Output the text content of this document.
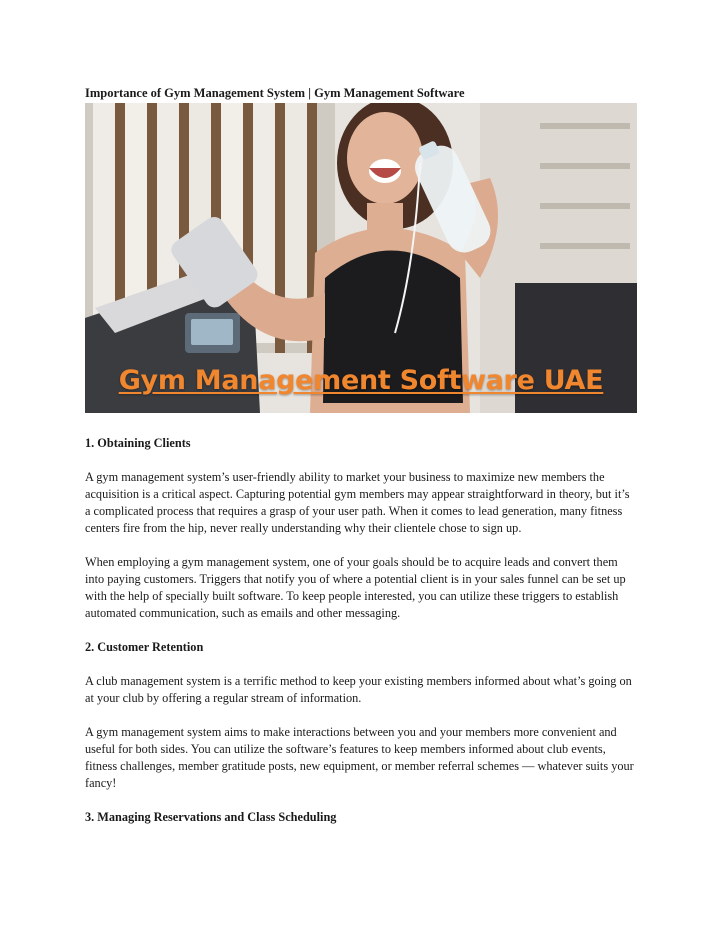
Importance of Gym Management System | Gym Management Software
Gym Management Software UAE
1. Obtaining Clients

A gym management system’s user-friendly ability to market your business to maximize new members the acquisition is a critical aspect. Capturing potential gym members may appear straightforward in theory, but it’s a complicated process that requires a grasp of your user path. When it comes to lead generation, many fitness centers fire from the hip, never really understanding why their clientele chose to sign up.

When employing a gym management system, one of your goals should be to acquire leads and convert them into paying customers. Triggers that notify you of where a potential client is in your sales funnel can be set up with the help of specially built software. To keep people interested, you can utilize these triggers to establish automated communication, such as emails and other messaging.

2. Customer Retention

A club management system is a terrific method to keep your existing members informed about what’s going on at your club by offering a regular stream of information.

A gym management system aims to make interactions between you and your members more convenient and useful for both sides. You can utilize the software’s features to keep members informed about club events, fitness challenges, member gratitude posts, new equipment, or member referral schemes — whatever suits your fancy!

3. Managing Reservations and Class Scheduling
